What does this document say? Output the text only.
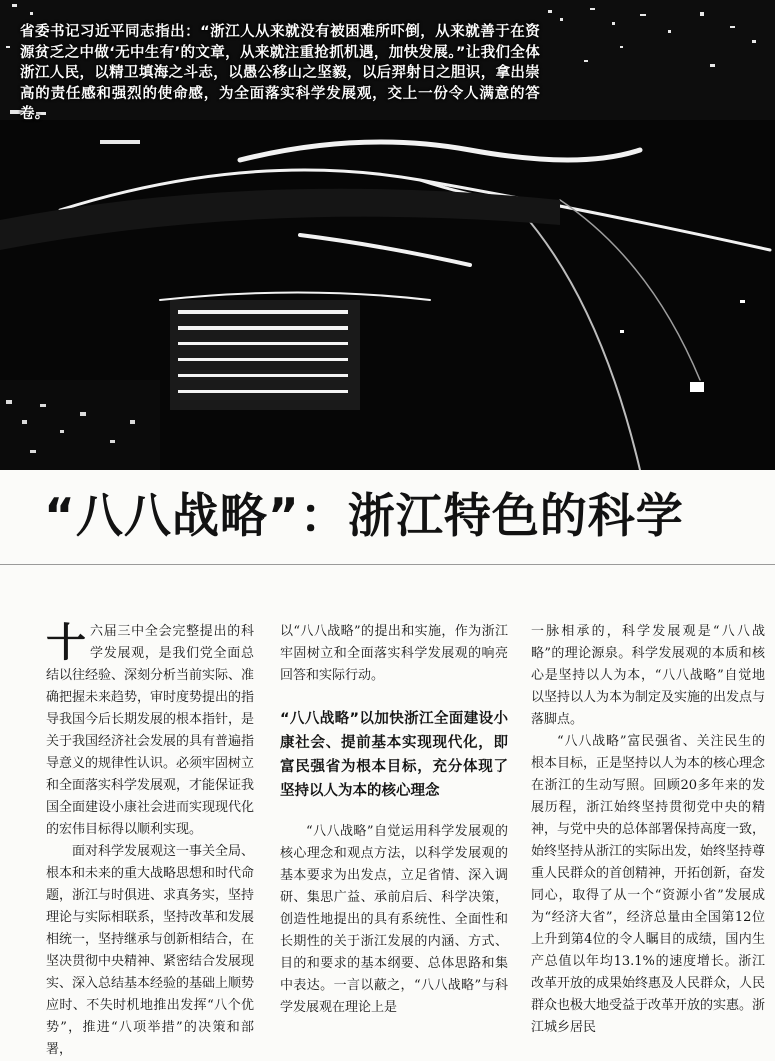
省委书记习近平同志指出：“浙江人从来就没有被困难所吓倒，从来就善于在资源贫乏之中做‘无中生有’的文章，从来就注重抢抓机遇，加快发展。”让我们全体浙江人民，以精卫填海之斗志，以愚公移山之坚毅，以后羿射日之胆识，拿出崇高的责任感和强烈的使命感，为全面落实科学发展观，交上一份令人满意的答卷。
“八八战略”：浙江特色的科学
十 六届三中全会完整提出的科学发展观，是我们党全面总结以往经验、深刻分析当前实际、准确把握未来趋势，审时度势提出的指导我国今后长期发展的根本指针，是关于我国经济社会发展的具有普遍指导意义的规律性认识。必须牢固树立和全面落实科学发展观，才能保证我国全面建设小康社会进而实现现代化的宏伟目标得以顺利实现。

面对科学发展观这一事关全局、根本和未来的重大战略思想和时代命题，浙江与时俱进、求真务实，坚持理论与实际相联系，坚持改革和发展相统一，坚持继承与创新相结合，在坚决贯彻中央精神、紧密结合发展现实、深入总结基本经验的基础上顺势应时、不失时机地推出发挥“八个优势”，推进“八项举措”的决策和部署，

以“八八战略”的提出和实施，作为浙江牢固树立和全面落实科学发展观的响亮回答和实际行动。

“八八战略”以加快浙江全面建设小康社会、提前基本实现现代化，即富民强省为根本目标，充分体现了坚持以人为本的核心理念

“八八战略”自觉运用科学发展观的核心理念和观点方法，以科学发展观的基本要求为出发点，立足省情、深入调研、集思广益、承前启后、科学决策，创造性地提出的具有系统性、全面性和长期性的关于浙江发展的内涵、方式、目的和要求的基本纲要、总体思路和集中表达。一言以蔽之，“八八战略”与科学发展观在理论上是

一脉相承的，科学发展观是“八八战略”的理论源泉。科学发展观的本质和核心是坚持以人为本，“八八战略”自觉地以坚持以人为本为制定及实施的出发点与落脚点。

“八八战略”富民强省、关注民生的根本目标，正是坚持以人为本的核心理念在浙江的生动写照。回顾20多年来的发展历程，浙江始终坚持贯彻党中央的精神，与党中央的总体部署保持高度一致，始终坚持从浙江的实际出发，始终坚持尊重人民群众的首创精神，开拓创新，奋发同心，取得了从一个“资源小省”发展成为“经济大省”，经济总量由全国第12位上升到第4位的令人瞩目的成绩，国内生产总值以年均13.1%的速度增长。浙江改革开放的成果始终惠及人民群众，人民群众也极大地受益于改革开放的实惠。浙江城乡居民
